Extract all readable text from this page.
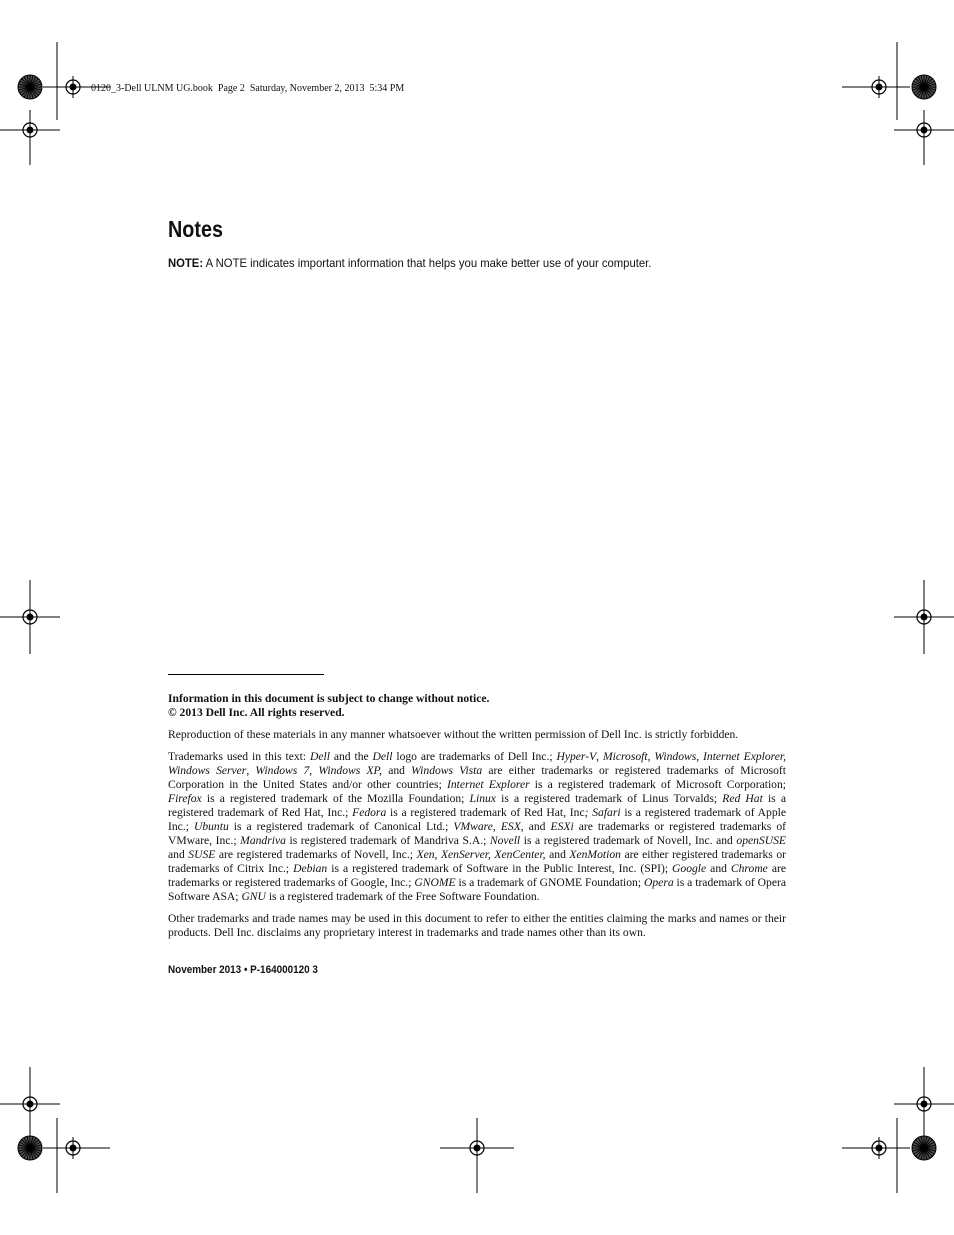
0120_3-Dell ULNM UG.book  Page 2  Saturday, November 2, 2013  5:34 PM
Notes
NOTE: A NOTE indicates important information that helps you make better use of your computer.

Information in this document is subject to change without notice.
© 2013 Dell Inc. All rights reserved.

Reproduction of these materials in any manner whatsoever without the written permission of Dell Inc. is strictly forbidden.

Trademarks used in this text: Dell and the Dell logo are trademarks of Dell Inc.; Hyper-V, Microsoft, Windows, Internet Explorer, Windows Server, Windows 7, Windows XP, and Windows Vista are either trademarks or registered trademarks of Microsoft Corporation in the United States and/or other countries; Internet Explorer is a registered trademark of Microsoft Corporation; Firefox is a registered trademark of the Mozilla Foundation; Linux is a registered trademark of Linus Torvalds; Red Hat is a registered trademark of Red Hat, Inc.; Fedora is a registered trademark of Red Hat, Inc; Safari is a registered trademark of Apple Inc.; Ubuntu is a registered trademark of Canonical Ltd.; VMware, ESX, and ESXi are trademarks or registered trademarks of VMware, Inc.; Mandriva is registered trademark of Mandriva S.A.; Novell is a registered trademark of Novell, Inc. and openSUSE and SUSE are registered trademarks of Novell, Inc.; Xen, XenServer, XenCenter, and XenMotion are either registered trademarks or trademarks of Citrix Inc.; Debian is a registered trademark of Software in the Public Interest, Inc. (SPI); Google and Chrome are trademarks or registered trademarks of Google, Inc.; GNOME is a trademark of GNOME Foundation; Opera is a trademark of Opera Software ASA; GNU is a registered trademark of the Free Software Foundation.

Other trademarks and trade names may be used in this document to refer to either the entities claiming the marks and names or their products. Dell Inc. disclaims any proprietary interest in trademarks and trade names other than its own.

November 2013 • P-164000120 3
